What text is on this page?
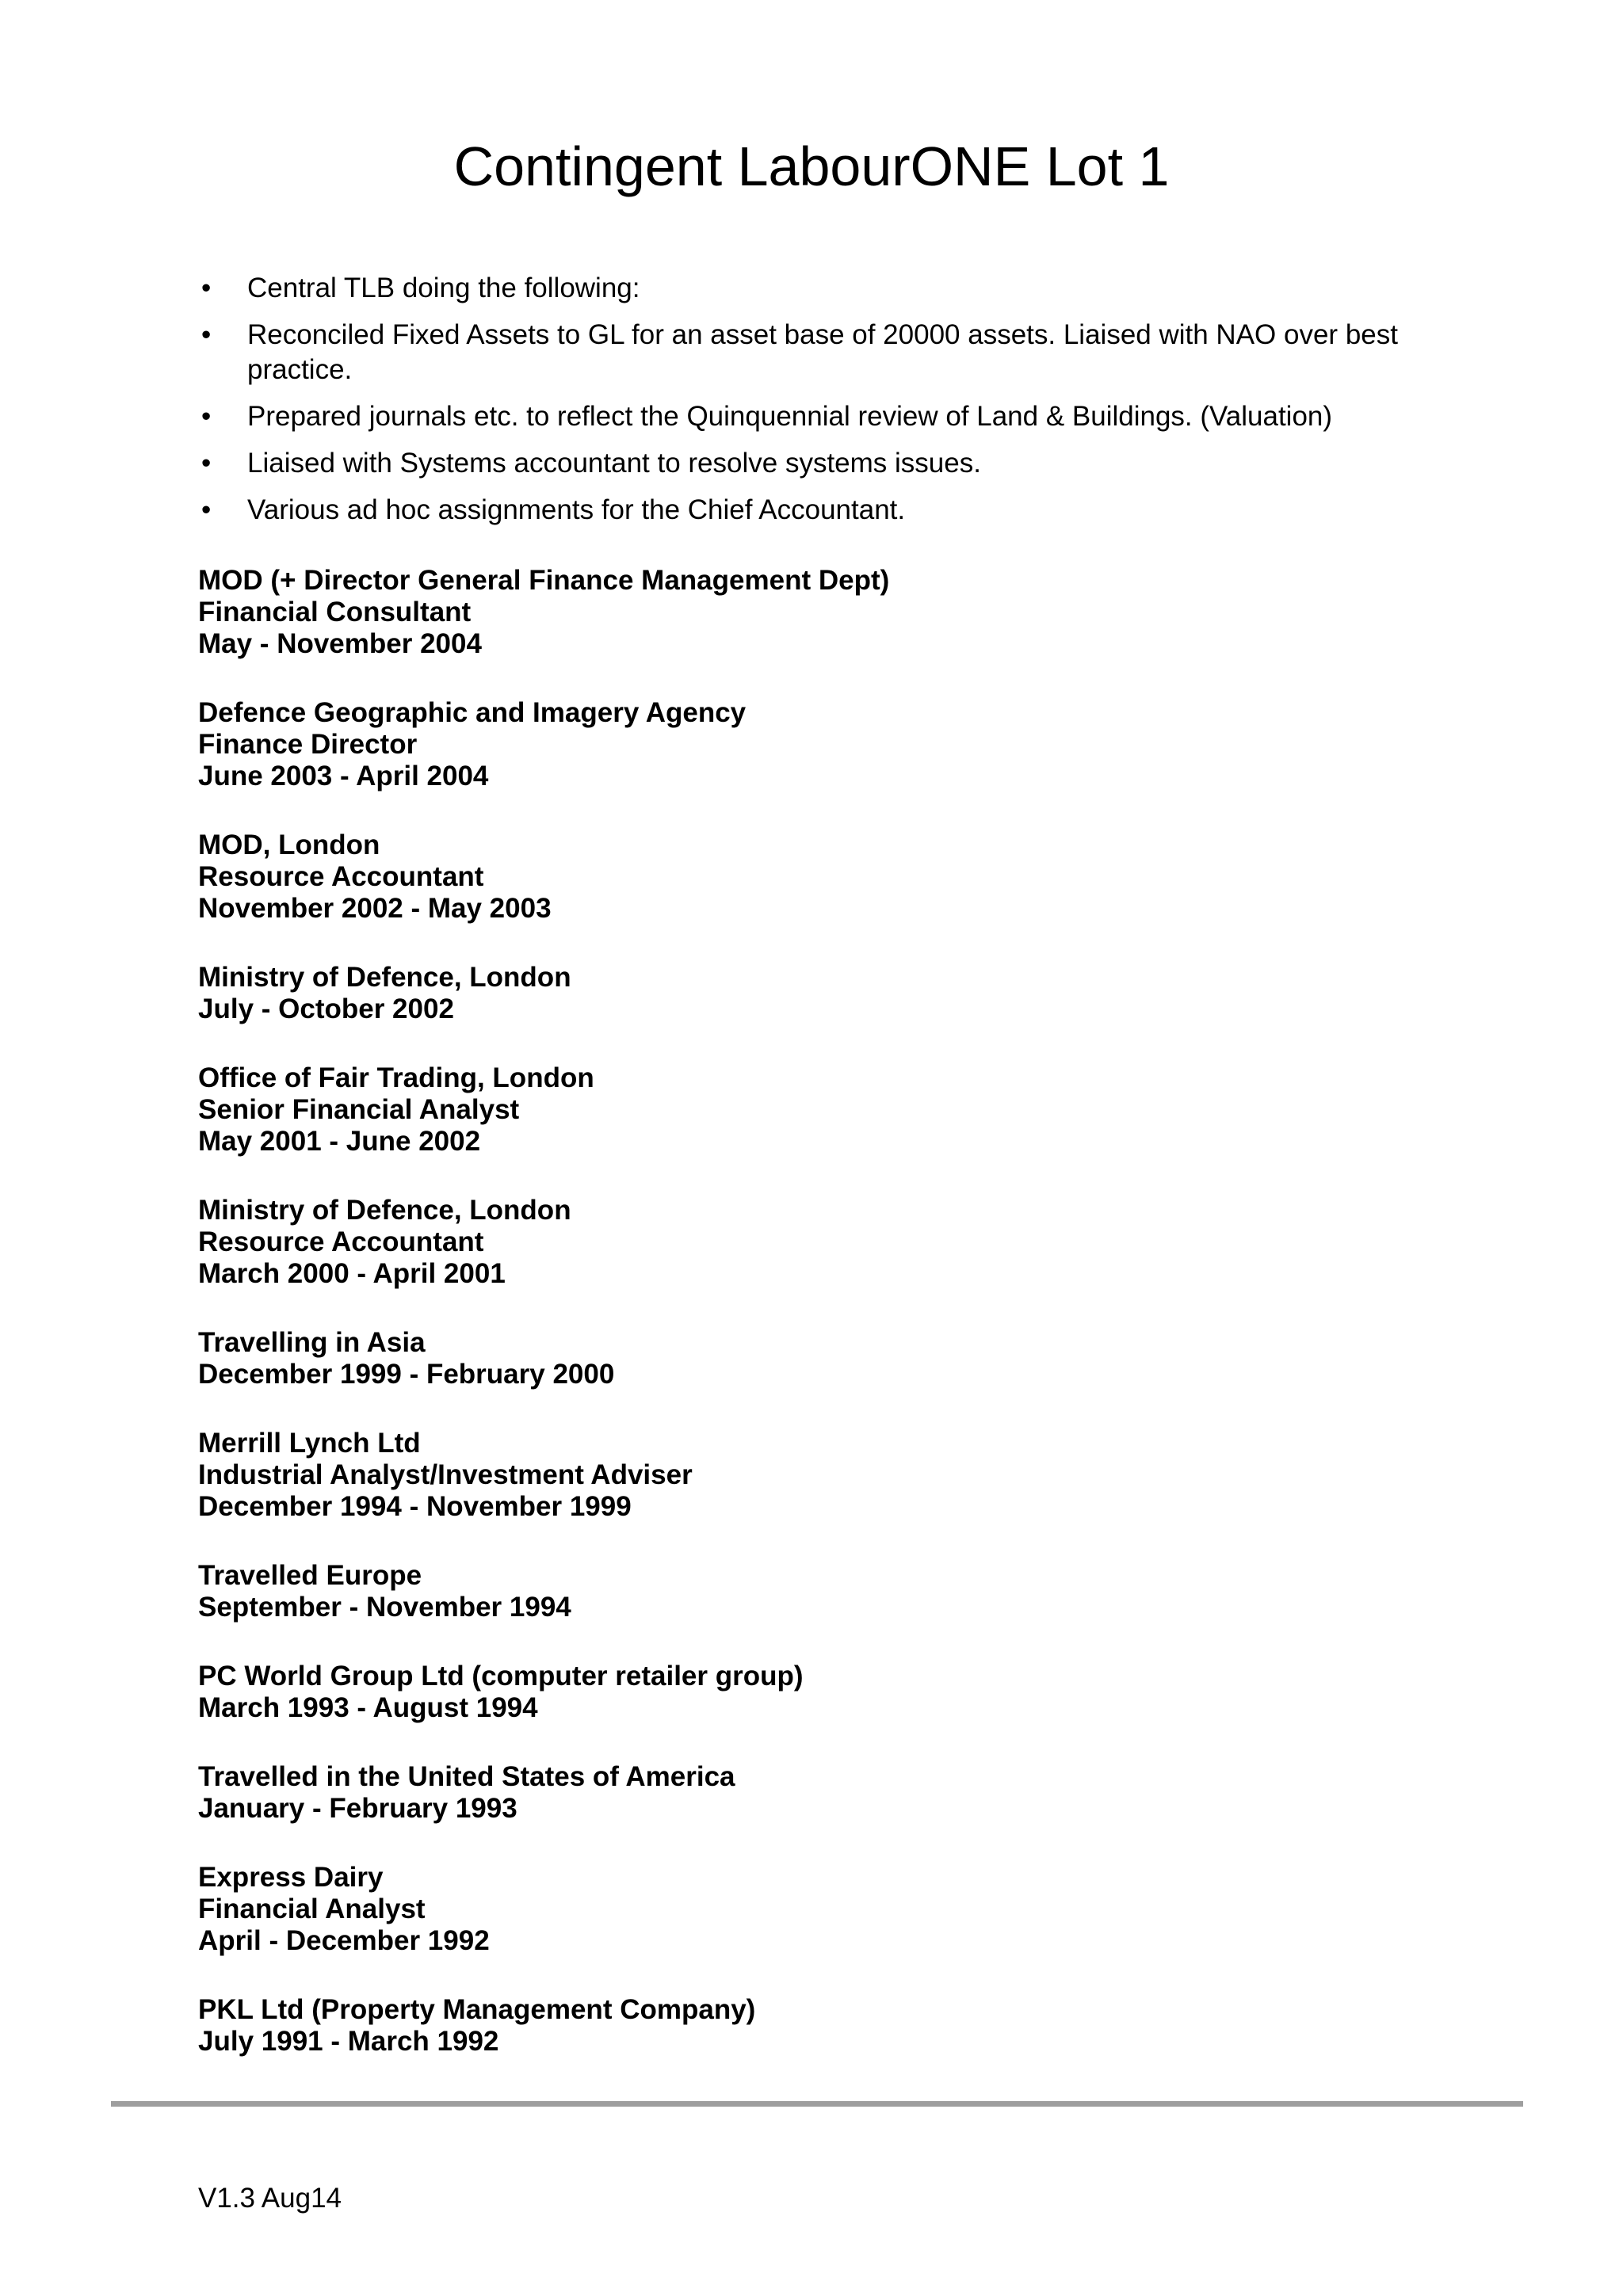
Contingent LabourONE Lot 1
• Central TLB doing the following:
• Reconciled Fixed Assets to GL for an asset base of 20000 assets. Liaised with NAO over best practice.
• Prepared journals etc. to reflect the Quinquennial review of Land & Buildings. (Valuation)
• Liaised with Systems accountant to resolve systems issues.
• Various ad hoc assignments for the Chief Accountant.
MOD (+ Director General Finance Management Dept)
Financial Consultant
May - November 2004
Defence Geographic and Imagery Agency
Finance Director
June 2003 - April 2004
MOD, London
Resource Accountant
November 2002 - May 2003
Ministry of Defence, London
July - October 2002
Office of Fair Trading, London
Senior Financial Analyst
May 2001 - June 2002
Ministry of Defence, London
Resource Accountant
March 2000 - April 2001
Travelling in Asia
December 1999 - February 2000
Merrill Lynch Ltd
Industrial Analyst/Investment Adviser
December 1994 - November 1999
Travelled Europe
September - November 1994
PC World Group Ltd (computer retailer group)
March 1993 - August 1994
Travelled in the United States of America
January - February 1993
Express Dairy
Financial Analyst
April - December 1992
PKL Ltd (Property Management Company)
July 1991 - March 1992
V1.3 Aug14
